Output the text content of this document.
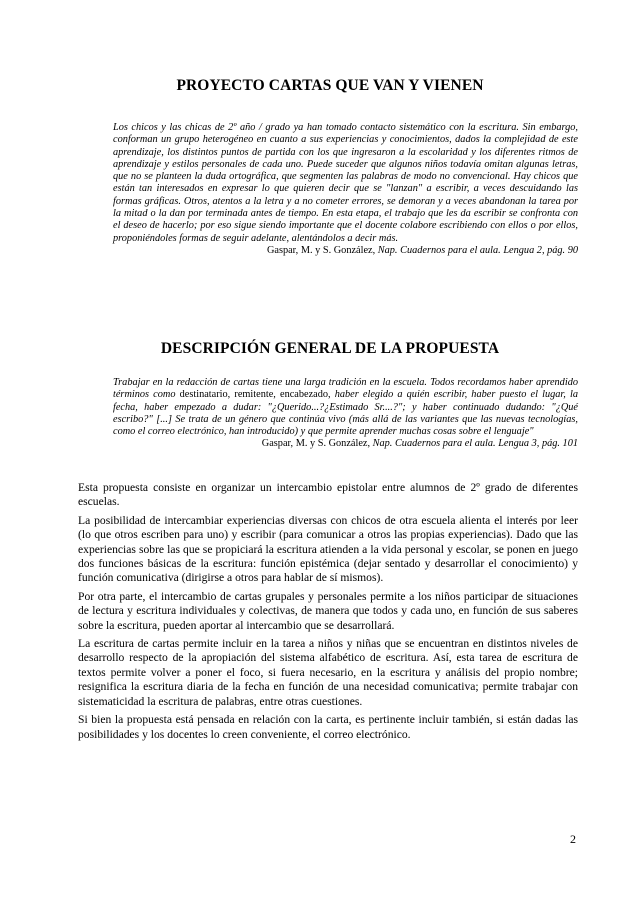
PROYECTO CARTAS QUE VAN Y VIENEN
Los chicos y las chicas de 2º año / grado ya han tomado contacto sistemático con la escritura. Sin embargo, conforman un grupo heterogéneo en cuanto a sus experiencias y conocimientos, dados la complejidad de este aprendizaje, los distintos puntos de partida con los que ingresaron a la escolaridad y los diferentes ritmos de aprendizaje y estilos personales de cada uno. Puede suceder que algunos niños todavía omitan algunas letras, que no se planteen la duda ortográfica, que segmenten las palabras de modo no convencional. Hay chicos que están tan interesados en expresar lo que quieren decir que se "lanzan" a escribir, a veces descuidando las formas gráficas. Otros, atentos a la letra y a no cometer errores, se demoran y a veces abandonan la tarea por la mitad o la dan por terminada antes de tiempo. En esta etapa, el trabajo que les da escribir se confronta con el deseo de hacerlo; por eso sigue siendo importante que el docente colabore escribiendo con ellos o por ellos, proponiéndoles formas de seguir adelante, alentándolos a decir más.
Gaspar, M. y S. González, Nap. Cuadernos para el aula. Lengua 2, pág. 90
DESCRIPCIÓN GENERAL DE LA PROPUESTA
Trabajar en la redacción de cartas tiene una larga tradición en la escuela. Todos recordamos haber aprendido términos como destinatario, remitente, encabezado, haber elegido a quién escribir, haber puesto el lugar, la fecha, haber empezado a dudar: "¿Querido...?¿Estimado Sr....?"; y haber continuado dudando: "¿Qué escribo?" [...] Se trata de un género que continúa vivo (más allá de las variantes que las nuevas tecnologías, como el correo electrónico, han introducido) y que permite aprender muchas cosas sobre el lenguaje"
Gaspar, M. y S. González, Nap. Cuadernos para el aula. Lengua 3, pág. 101

Esta propuesta consiste en organizar un intercambio epistolar entre alumnos de 2º grado de diferentes escuelas.

La posibilidad de intercambiar experiencias diversas con chicos de otra escuela alienta el interés por leer (lo que otros escriben para uno) y escribir (para comunicar a otros las propias experiencias). Dado que las experiencias sobre las que se propiciará la escritura atienden a la vida personal y escolar, se ponen en juego dos funciones básicas de la escritura: función epistémica (dejar sentado y desarrollar el conocimiento) y función comunicativa (dirigirse a otros para hablar de sí mismos).

Por otra parte, el intercambio de cartas grupales y personales permite a los niños participar de situaciones de lectura y escritura individuales y colectivas, de manera que todos y cada uno, en función de sus saberes sobre la escritura, pueden aportar al intercambio que se desarrollará.

La escritura de cartas permite incluir en la tarea a niños y niñas que se encuentran en distintos niveles de desarrollo respecto de la apropiación del sistema alfabético de escritura. Así, esta tarea de escritura de textos permite volver a poner el foco, si fuera necesario, en la escritura y análisis del propio nombre; resignifica la escritura diaria de la fecha en función de una necesidad comunicativa; permite trabajar con sistematicidad la escritura de palabras, entre otras cuestiones.

Si bien la propuesta está pensada en relación con la carta, es pertinente incluir también, si están dadas las posibilidades y los docentes lo creen conveniente, el correo electrónico.

2
